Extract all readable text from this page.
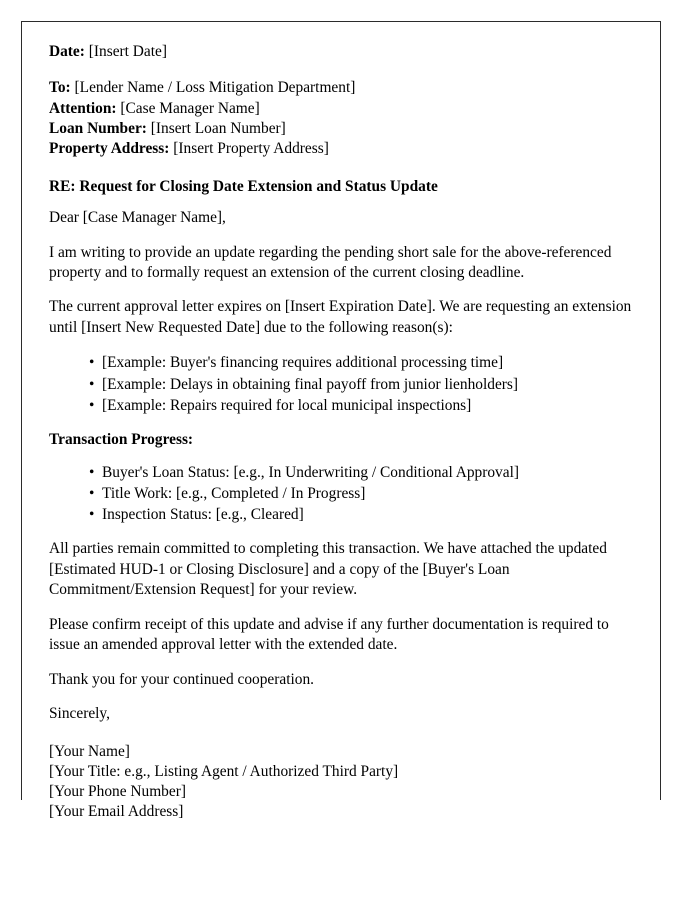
Date: [Insert Date]

To: [Lender Name / Loss Mitigation Department]

Attention: [Case Manager Name]

Loan Number: [Insert Loan Number]

Property Address: [Insert Property Address]

RE: Request for Closing Date Extension and Status Update

Dear [Case Manager Name],

I am writing to provide an update regarding the pending short sale for the above-referenced property and to formally request an extension of the current closing deadline.

The current approval letter expires on [Insert Expiration Date]. We are requesting an extension until [Insert New Requested Date] due to the following reason(s):

• [Example: Buyer's financing requires additional processing time]
• [Example: Delays in obtaining final payoff from junior lienholders]
• [Example: Repairs required for local municipal inspections]

Transaction Progress:

• Buyer's Loan Status: [e.g., In Underwriting / Conditional Approval]
• Title Work: [e.g., Completed / In Progress]
• Inspection Status: [e.g., Cleared]

All parties remain committed to completing this transaction. We have attached the updated [Estimated HUD-1 or Closing Disclosure] and a copy of the [Buyer's Loan Commitment/Extension Request] for your review.

Please confirm receipt of this update and advise if any further documentation is required to issue an amended approval letter with the extended date.

Thank you for your continued cooperation.

Sincerely,

[Your Name]

[Your Title: e.g., Listing Agent / Authorized Third Party]

[Your Phone Number]

[Your Email Address]
